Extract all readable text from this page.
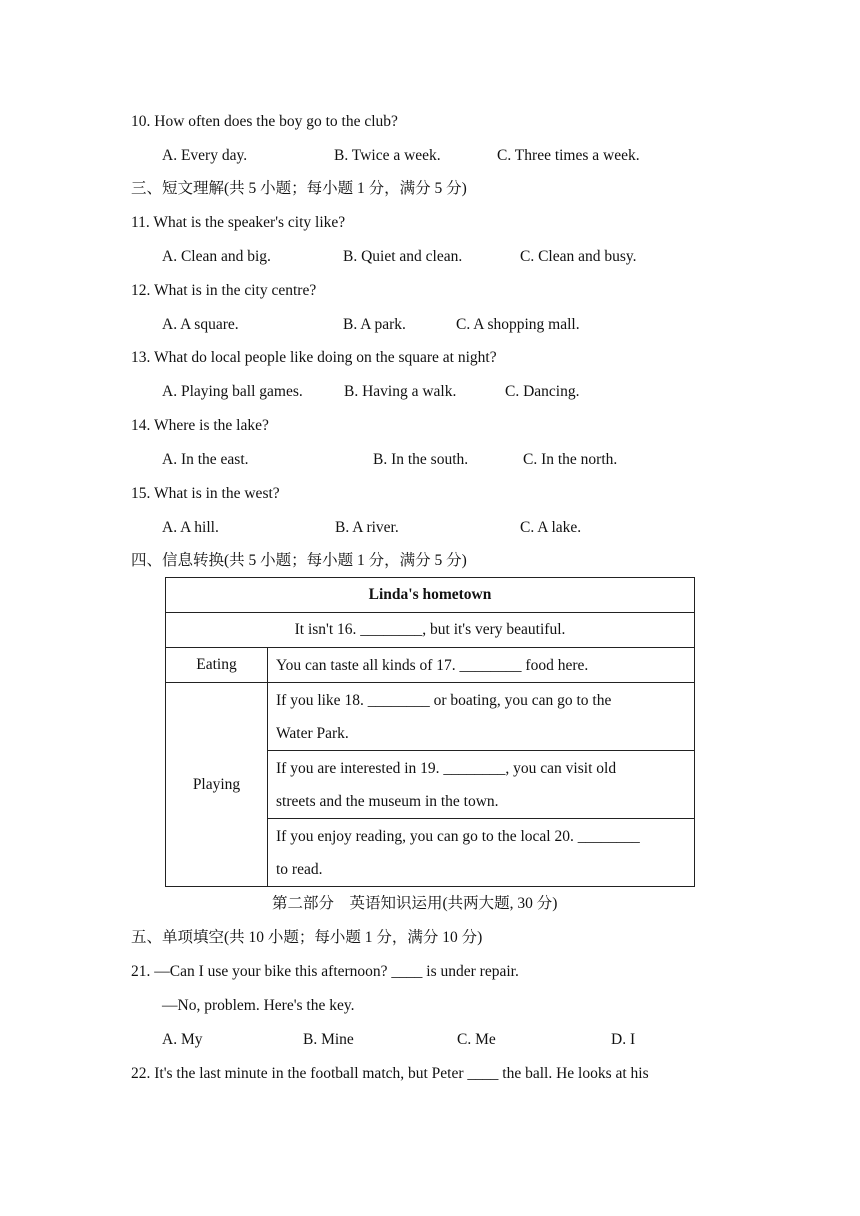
10. How often does the boy go to the club?
A. Every day.	B. Twice a week.	C. Three times a week.
三、短文理解(共 5 小题；每小题 1 分，满分 5 分)
11. What is the speaker's city like?
A. Clean and big.	B. Quiet and clean.	C. Clean and busy.
12. What is in the city centre?
A. A square.	B. A park.	C. A shopping mall.
13. What do local people like doing on the square at night?
A. Playing ball games.	B. Having a walk.	C. Dancing.
14. Where is the lake?
A. In the east.	B. In the south.	C. In the north.
15. What is in the west?
A. A hill.	B. A river.	C. A lake.
四、信息转换(共 5 小题；每小题 1 分，满分 5 分)
Linda's hometown	
It isn't 16. ________, but it's very beautiful.	
Eating	You can taste all kinds of 17. ________ food here.
Playing	If you like 18. ________ or boating, you can go to the
Water Park.

	If you are interested in 19. ________, you can visit old
streets and the museum in the town.

	If you enjoy reading, you can go to the local 20. ________
to read.
第二部分　英语知识运用(共两大题, 30 分)
五、单项填空(共 10 小题；每小题 1 分，满分 10 分)
21. —Can I use your bike this afternoon? ____ is under repair.
—No, problem. Here's the key.
A. My	B. Mine	C. Me	D. I
22. It's the last minute in the football match, but Peter ____ the ball. He looks at his
